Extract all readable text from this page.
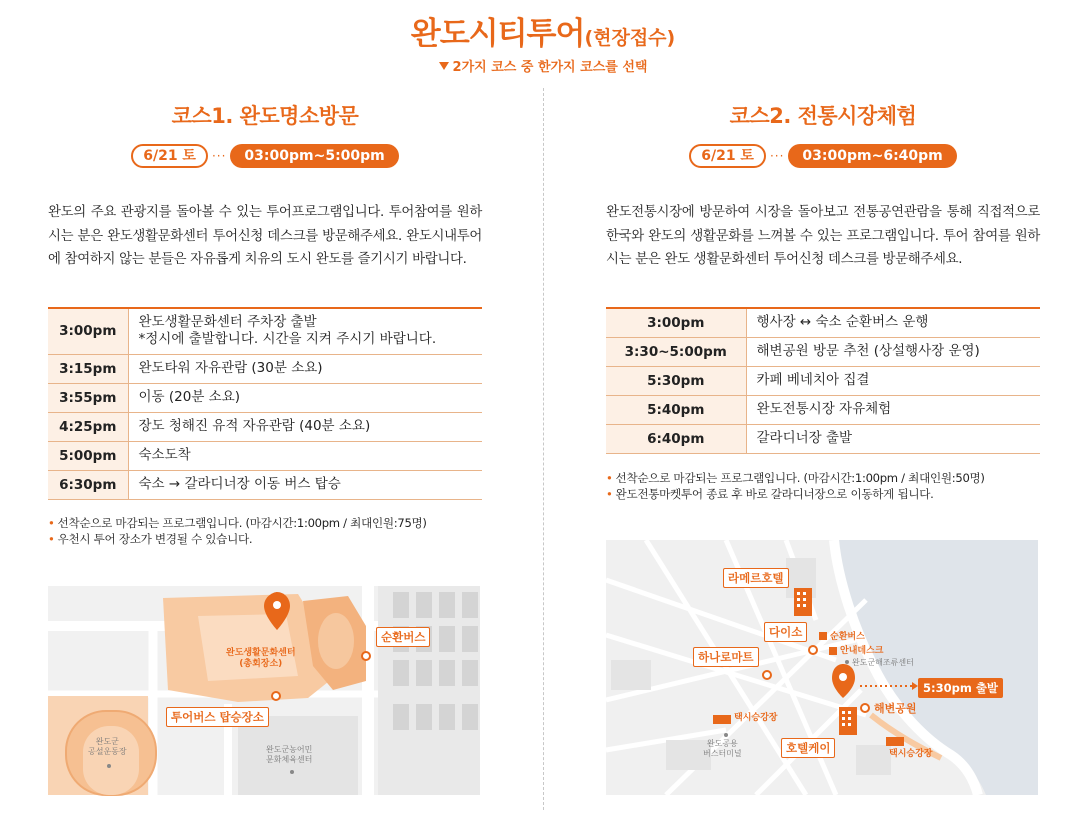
완도시티투어(현장접수)
2가지 코스 중 한가지 코스를 선택
코스1. 완도명소방문
6/21 토	···	03:00pm~5:00pm
완도의 주요 관광지를 돌아볼 수 있는 투어프로그램입니다. 투어참여를 원하시는 분은 완도생활문화센터 투어신청 데스크를 방문해주세요. 완도시내투어에 참여하지 않는 분들은 자유롭게 치유의 도시 완도를 즐기시기 바랍니다.
3:00pm	완도생활문화센터 주차장 출발
*정시에 출발합니다. 시간을 지켜 주시기 바랍니다.

3:15pm	완도타워 자유관람 (30분 소요)
3:55pm	이동 (20분 소요)
4:25pm	장도 청해진 유적 자유관람 (40분 소요)
5:00pm	숙소도착
6:30pm	숙소 → 갈라디너장 이동 버스 탑승
• 선착순으로 마감되는 프로그램입니다. (마감시간:1:00pm / 최대인원:75명)
• 우천시 투어 장소가 변경될 수 있습니다.
완도생활문화센터
(총회장소)
순환버스
투어버스 탑승장소
완도군
공설운동장	완도군농어민
문화체육센터
코스2. 전통시장체험
6/21 토	···	03:00pm~6:40pm
완도전통시장에 방문하여 시장을 돌아보고 전통공연관람을 통해 직접적으로 한국와 완도의 생활문화를 느껴볼 수 있는 프로그램입니다. 투어 참여를 원하시는 분은 완도 생활문화센터 투어신청 데스크를 방문해주세요.
3:00pm	행사장 ↔ 숙소 순환버스 운행
3:30~5:00pm	해변공원 방문 추천 (상설행사장 운영)
5:30pm	카페 베네치아 집결
5:40pm	완도전통시장 자유체험
6:40pm	갈라디너장 출발
• 선착순으로 마감되는 프로그램입니다. (마감시간:1:00pm / 최대인원:50명)
• 완도전통마켓투어 종료 후 바로 갈라디너장으로 이동하게 됩니다.
라메르호텔
다이소
하나로마트
호텔케이
5:30pm 출발
순환버스
안내데스크
완도군해조류센터
해변공원
택시승강장
택시승강장
완도공용
버스터미널
